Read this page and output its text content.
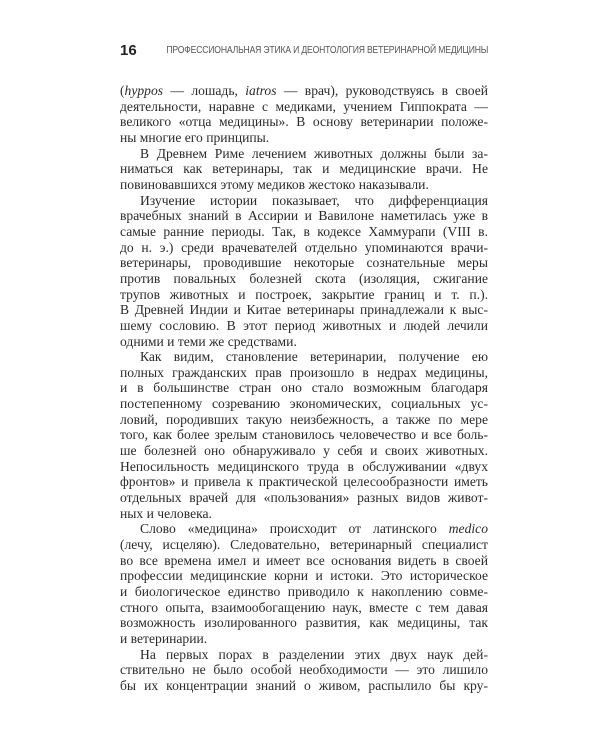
16	ПРОФЕССИОНАЛЬНАЯ ЭТИКА И ДЕОНТОЛОГИЯ ВЕТЕРИНАРНОЙ МЕДИЦИНЫ
(hyppos — лошадь, iatros — врач), руководствуясь в своей
деятельности, наравне с медиками, учением Гиппократа —
великого «отца медицины». В основу ветеринарии положе-
ны многие его принципы.
В Древнем Риме лечением животных должны были за-
ниматься как ветеринары, так и медицинские врачи. Не
повиновавшихся этому медиков жестоко наказывали.
Изучение истории показывает, что дифференциация
врачебных знаний в Ассирии и Вавилоне наметилась уже в
самые ранние периоды. Так, в кодексе Хаммурапи (VIII в.
до н. э.) среди врачевателей отдельно упоминаются врачи-
ветеринары, проводившие некоторые сознательные меры
против повальных болезней скота (изоляция, сжигание
трупов животных и построек, закрытие границ и т. п.).
В Древней Индии и Китае ветеринары принадлежали к выс-
шему сословию. В этот период животных и людей лечили
одними и теми же средствами.
Как видим, становление ветеринарии, получение ею
полных гражданских прав произошло в недрах медицины,
и в большинстве стран оно стало возможным благодаря
постепенному созреванию экономических, социальных ус-
ловий, породивших такую неизбежность, а также по мере
того, как более зрелым становилось человечество и все боль-
ше болезней оно обнаруживало у себя и своих животных.
Непосильность медицинского труда в обслуживании «двух
фронтов» и привела к практической целесообразности иметь
отдельных врачей для «пользования» разных видов живот-
ных и человека.
Слово «медицина» происходит от латинского medico
(лечу, исцеляю). Следовательно, ветеринарный специалист
во все времена имел и имеет все основания видеть в своей
профессии медицинские корни и истоки. Это историческое
и биологическое единство приводило к накоплению совме-
стного опыта, взаимообогащению наук, вместе с тем давая
возможность изолированного развития, как медицины, так
и ветеринарии.
На первых порах в разделении этих двух наук дей-
ствительно не было особой необходимости — это лишило
бы их концентрации знаний о живом, распылило бы кру-
